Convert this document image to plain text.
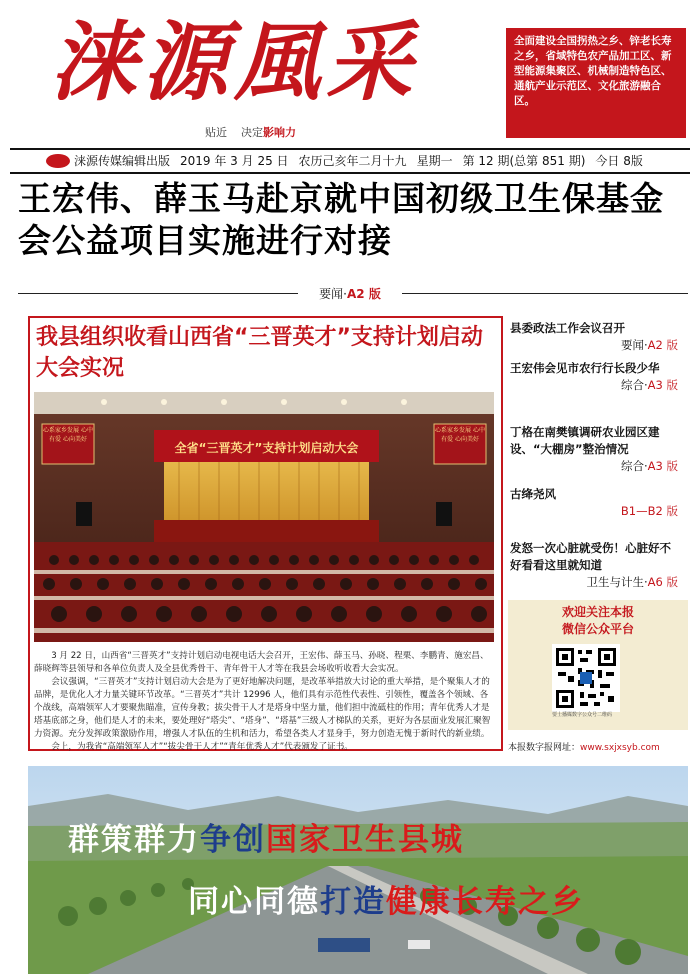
涞源風采
贴近 决定影响力
全面建设全国拐热之乡、锌老长寿之乡，省域特色农产品加工区、新型能源集聚区、机械制造特色区、通航产业示范区、文化旅游融合区。
涞源传媒编辑出版 2019 年 3 月 25 日 农历己亥年二月十九 星期一 第 12 期(总第 851 期) 今日 8版
王宏伟、薛玉马赴京就中国初级卫生保基金会公益项目实施进行对接
要闻·A2 版
我县组织收看山西省“三晋英才”支持计划启动大会实况
全省“三晋英才”支持计划启动大会
心系家乡发展 心中有爱 心向美好
心系家乡发展 心中有爱 心向美好

3 月 22 日，山西省“三晋英才”支持计划启动电视电话大会召开，王宏伟、薛玉马、孙晓、程栗、李鹏青、施宏昌、薛晓辉等县领导和各单位负责人及全县优秀骨干、青年骨干人才等在我县会场收听收看大会实况。

会议强调，“三晋英才”支持计划启动大会是为了更好地解决问题，是改革举措放大讨论的重大举措，是个聚集人才的品牌，是优化人才力量关键环节改革。“三晋英才”共计 12996 人，他们具有示范性代表性、引领性，覆盖各个领域、各个战线，高端领军人才要聚焦瞄准，宣传身教；拔尖骨干人才是塔身中坚力量，他们担中流砥柱的作用；青年优秀人才是塔基底部之身，他们是人才的未来，要处理好“塔尖”、“塔身”、“塔基”三级人才梯队的关系，更好为各层面业发展汇聚智力资源。充分发挥政策激励作用，增强人才队伍的生机和活力，希望各类人才显身手，努力创造无愧于新时代的新业绩。

会上，为我省“高端领军人才”“拔尖骨干人才”“青年优秀人才”代表颁发了证书。

县委政法工作会议召开
要闻·A2 版
王宏伟会见市农行行长段少华
综合·A3 版
丁格在南樊镇调研农业园区建设、“大棚房”整治情况
综合·A3 版
古绛尧风
B1—B2 版
发怒一次心脏就受伤！心脏好不好看看这里就知道
卫生与计生·A6 版
欢迎关注本报
微信公众平台
要士播媒数字公众号二维码
本报数字报网址：www.sxjxsyb.com
群策群力争创国家卫生县城
同心同德打造健康长寿之乡
